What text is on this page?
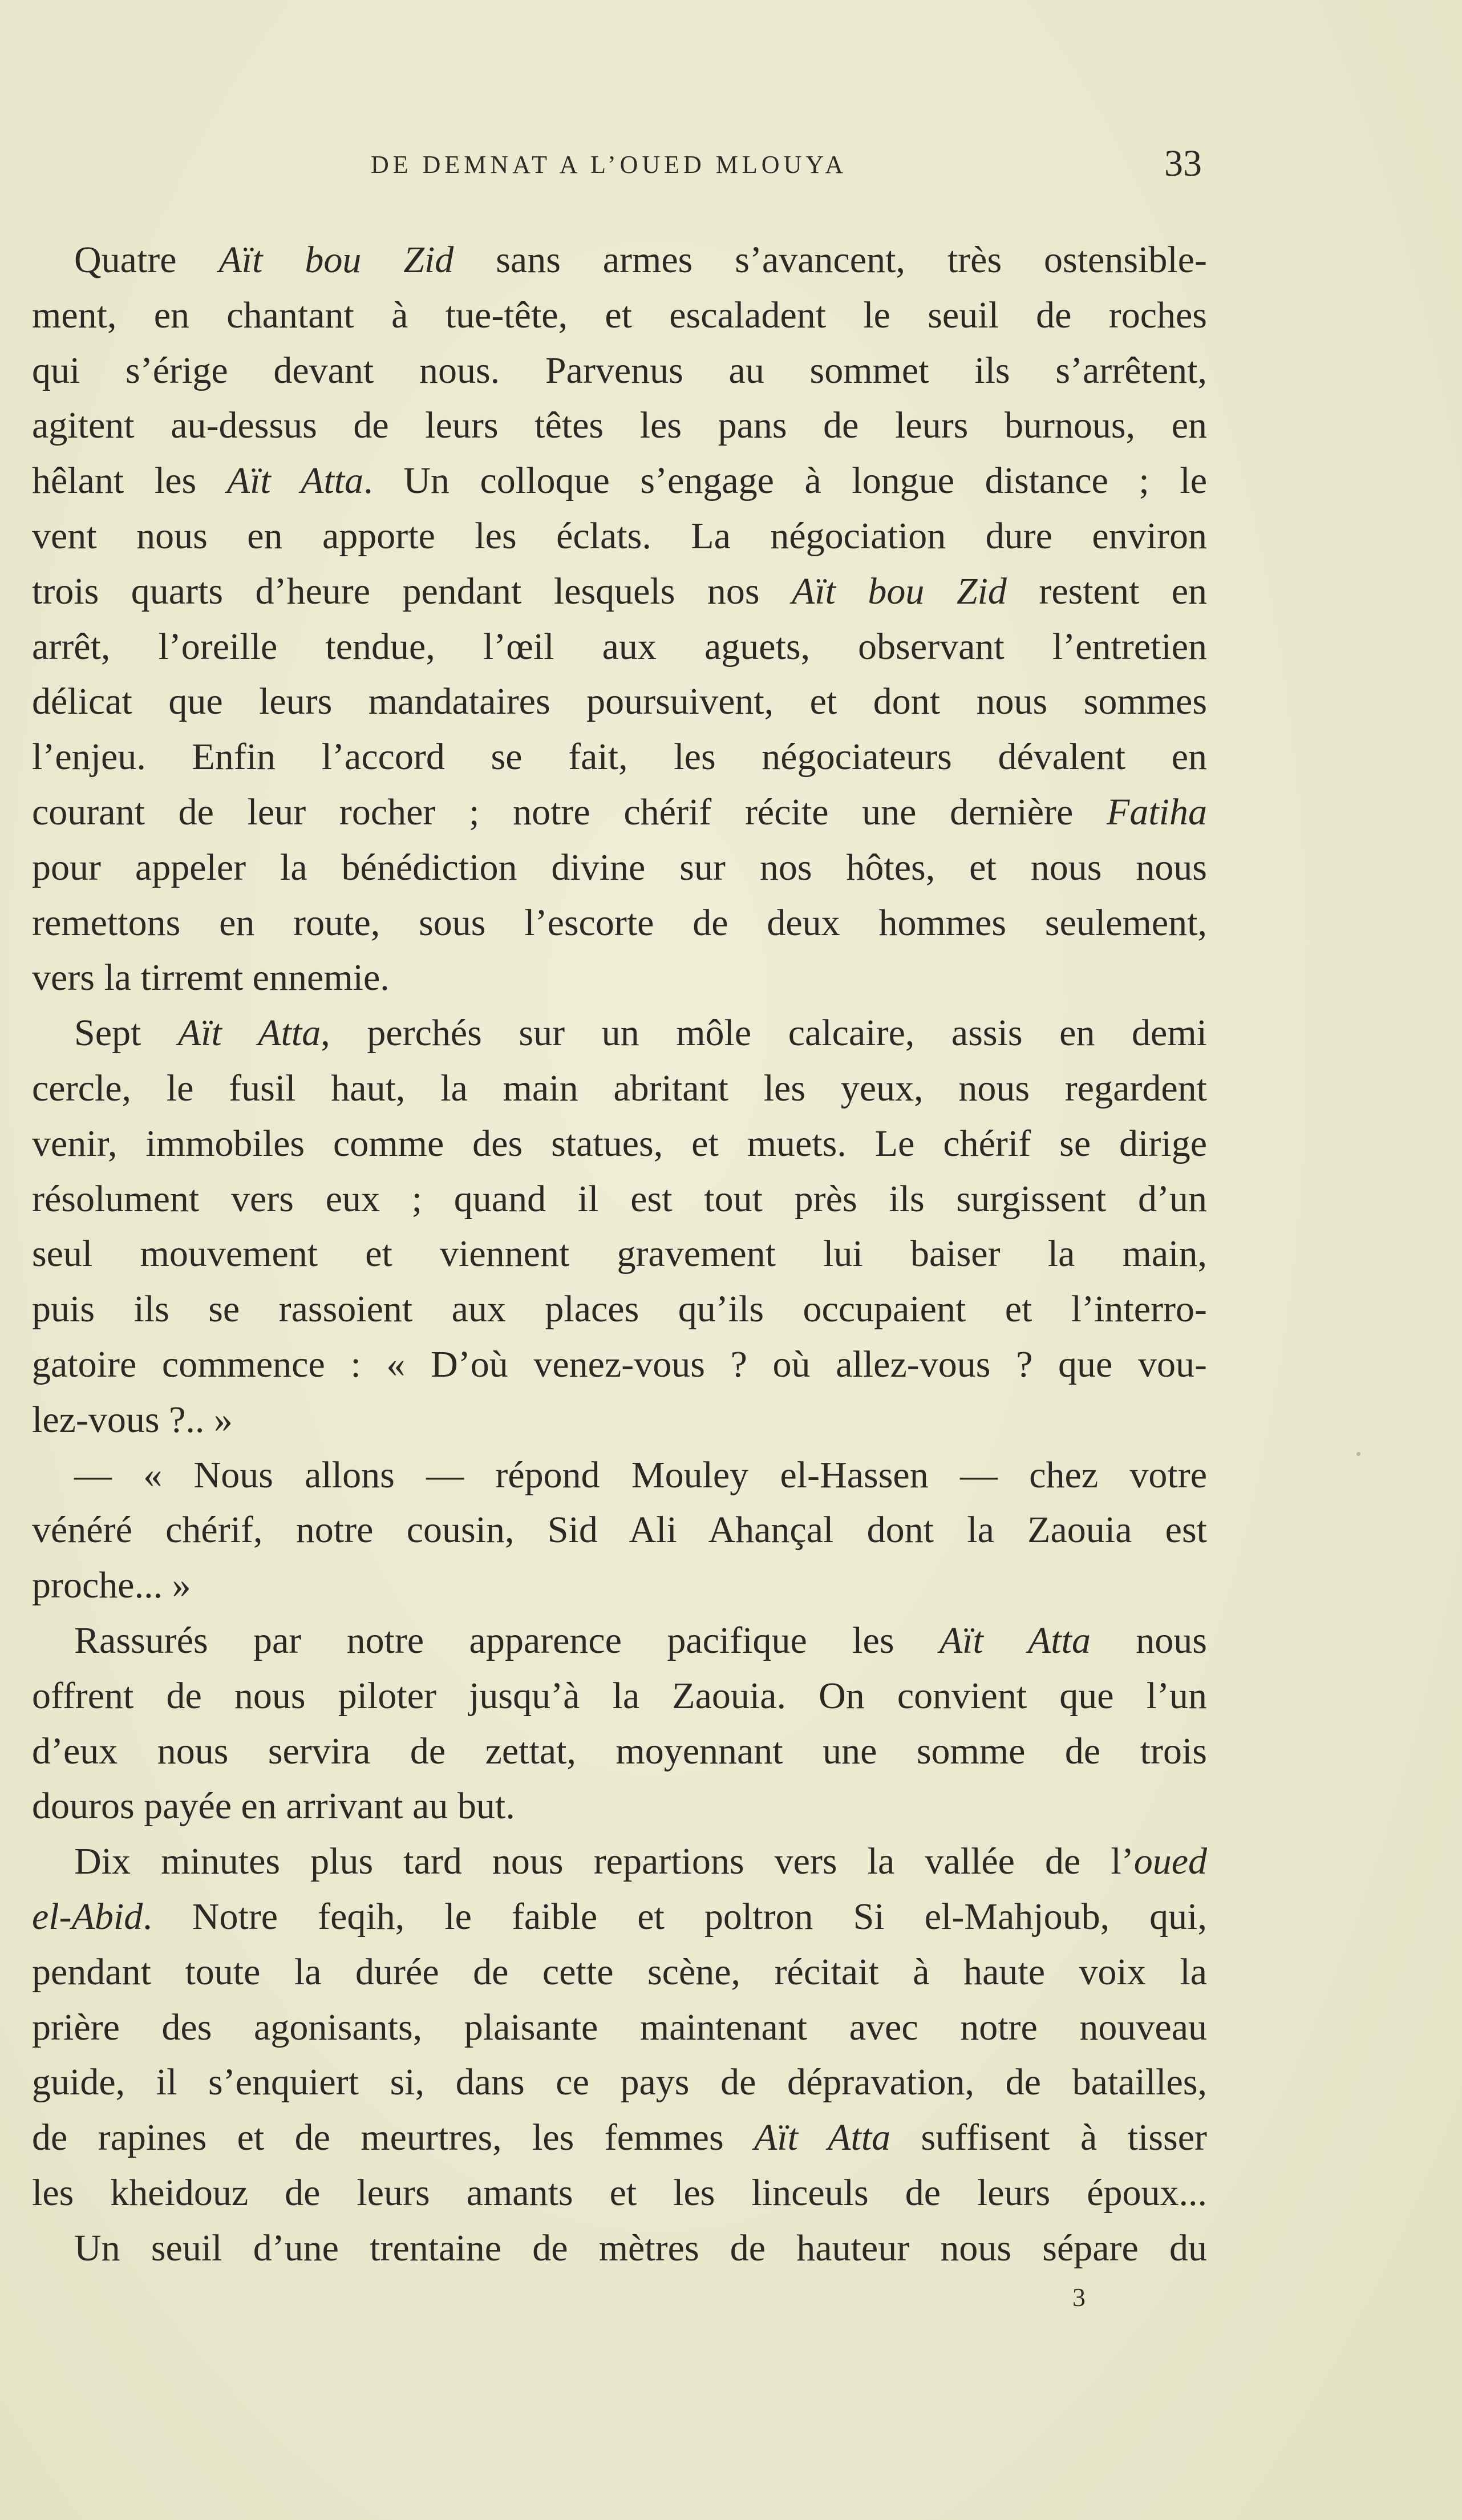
DE DEMNAT A L’OUED MLOUYA	33
Quatre Aït bou Zid sans armes s’avancent, très ostensible-
ment, en chantant à tue-tête, et escaladent le seuil de roches
qui s’érige devant nous. Parvenus au sommet ils s’arrêtent,
agitent au-dessus de leurs têtes les pans de leurs burnous, en
hêlant les Aït Atta. Un colloque s’engage à longue distance ; le
vent nous en apporte les éclats. La négociation dure environ
trois quarts d’heure pendant lesquels nos Aït bou Zid restent en
arrêt, l’oreille tendue, l’œil aux aguets, observant l’entretien
délicat que leurs mandataires poursuivent, et dont nous sommes
l’enjeu. Enfin l’accord se fait, les négociateurs dévalent en
courant de leur rocher ; notre chérif récite une dernière Fatiha
pour appeler la bénédiction divine sur nos hôtes, et nous nous
remettons en route, sous l’escorte de deux hommes seulement,
vers la tirremt ennemie.
Sept Aït Atta, perchés sur un môle calcaire, assis en demi
cercle, le fusil haut, la main abritant les yeux, nous regardent
venir, immobiles comme des statues, et muets. Le chérif se dirige
résolument vers eux ; quand il est tout près ils surgissent d’un
seul mouvement et viennent gravement lui baiser la main,
puis ils se rassoient aux places qu’ils occupaient et l’interro-
gatoire commence : « D’où venez-vous ? où allez-vous ? que vou-
lez-vous ?.. »
— « Nous allons — répond Mouley el-Hassen — chez votre
vénéré chérif, notre cousin, Sid Ali Ahançal dont la Zaouia est
proche... »
Rassurés par notre apparence pacifique les Aït Atta nous
offrent de nous piloter jusqu’à la Zaouia. On convient que l’un
d’eux nous servira de zettat, moyennant une somme de trois
douros payée en arrivant au but.
Dix minutes plus tard nous repartions vers la vallée de l’oued
el-Abid. Notre feqih, le faible et poltron Si el-Mahjoub, qui,
pendant toute la durée de cette scène, récitait à haute voix la
prière des agonisants, plaisante maintenant avec notre nouveau
guide, il s’enquiert si, dans ce pays de dépravation, de batailles,
de rapines et de meurtres, les femmes Aït Atta suffisent à tisser
les kheidouz de leurs amants et les linceuls de leurs époux...
Un seuil d’une trentaine de mètres de hauteur nous sépare du
3
